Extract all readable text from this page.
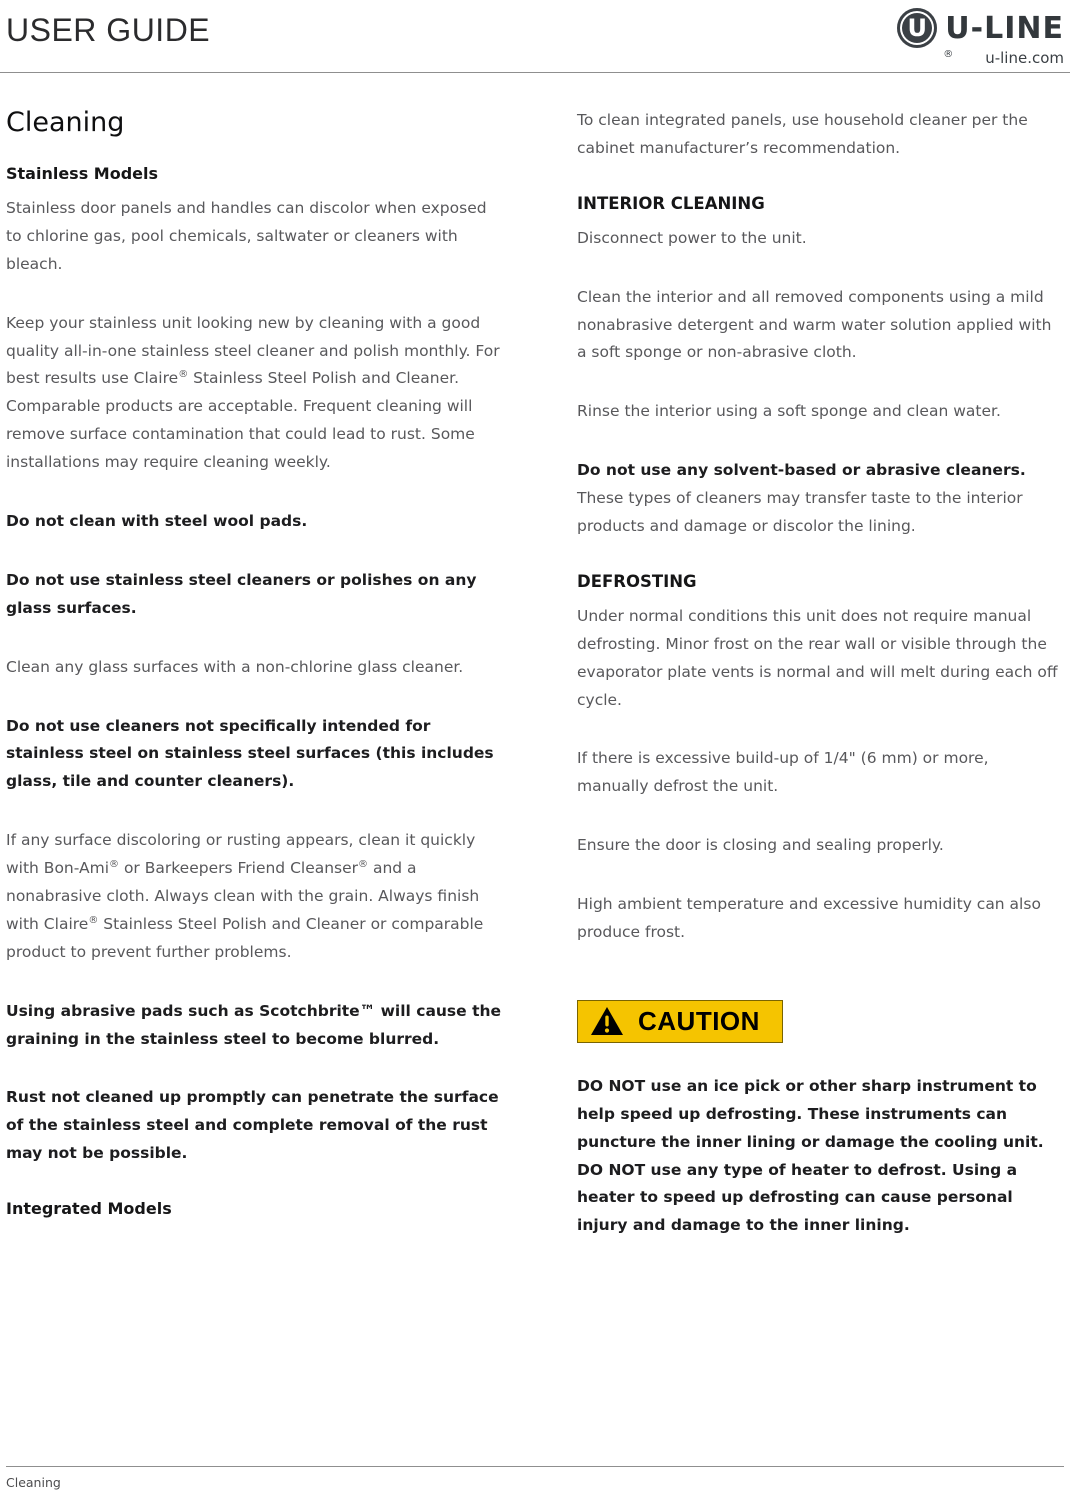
USER GUIDE	U U-LINE
® u-line.com
Cleaning
Stainless Models

Stainless door panels and handles can discolor when exposed to chlorine gas, pool chemicals, saltwater or cleaners with bleach.

Keep your stainless unit looking new by cleaning with a good quality all-in-one stainless steel cleaner and polish monthly. For best results use Claire® Stainless Steel Polish and Cleaner. Comparable products are acceptable. Frequent cleaning will remove surface contamination that could lead to rust. Some installations may require cleaning weekly.

Do not clean with steel wool pads.

Do not use stainless steel cleaners or polishes on any glass surfaces.

Clean any glass surfaces with a non-chlorine glass cleaner.

Do not use cleaners not specifically intended for stainless steel on stainless steel surfaces (this includes glass, tile and counter cleaners).

If any surface discoloring or rusting appears, clean it quickly with Bon-Ami® or Barkeepers Friend Cleanser® and a nonabrasive cloth. Always clean with the grain. Always finish with Claire® Stainless Steel Polish and Cleaner or comparable product to prevent further problems.

Using abrasive pads such as Scotchbrite™ will cause the graining in the stainless steel to become blurred.

Rust not cleaned up promptly can penetrate the surface of the stainless steel and complete removal of the rust may not be possible.

Integrated Models

To clean integrated panels, use household cleaner per the cabinet manufacturer’s recommendation.

INTERIOR CLEANING

Disconnect power to the unit.

Clean the interior and all removed components using a mild nonabrasive detergent and warm water solution applied with a soft sponge or non-abrasive cloth.

Rinse the interior using a soft sponge and clean water.

Do not use any solvent-based or abrasive cleaners. These types of cleaners may transfer taste to the interior products and damage or discolor the lining.

DEFROSTING

Under normal conditions this unit does not require manual defrosting. Minor frost on the rear wall or visible through the evaporator plate vents is normal and will melt during each off cycle.

If there is excessive build-up of 1/4" (6 mm) or more, manually defrost the unit.

Ensure the door is closing and sealing properly.

High ambient temperature and excessive humidity can also produce frost.

CAUTION

DO NOT use an ice pick or other sharp instrument to help speed up defrosting. These instruments can puncture the inner lining or damage the cooling unit. DO NOT use any type of heater to defrost. Using a heater to speed up defrosting can cause personal injury and damage to the inner lining.

Cleaning
